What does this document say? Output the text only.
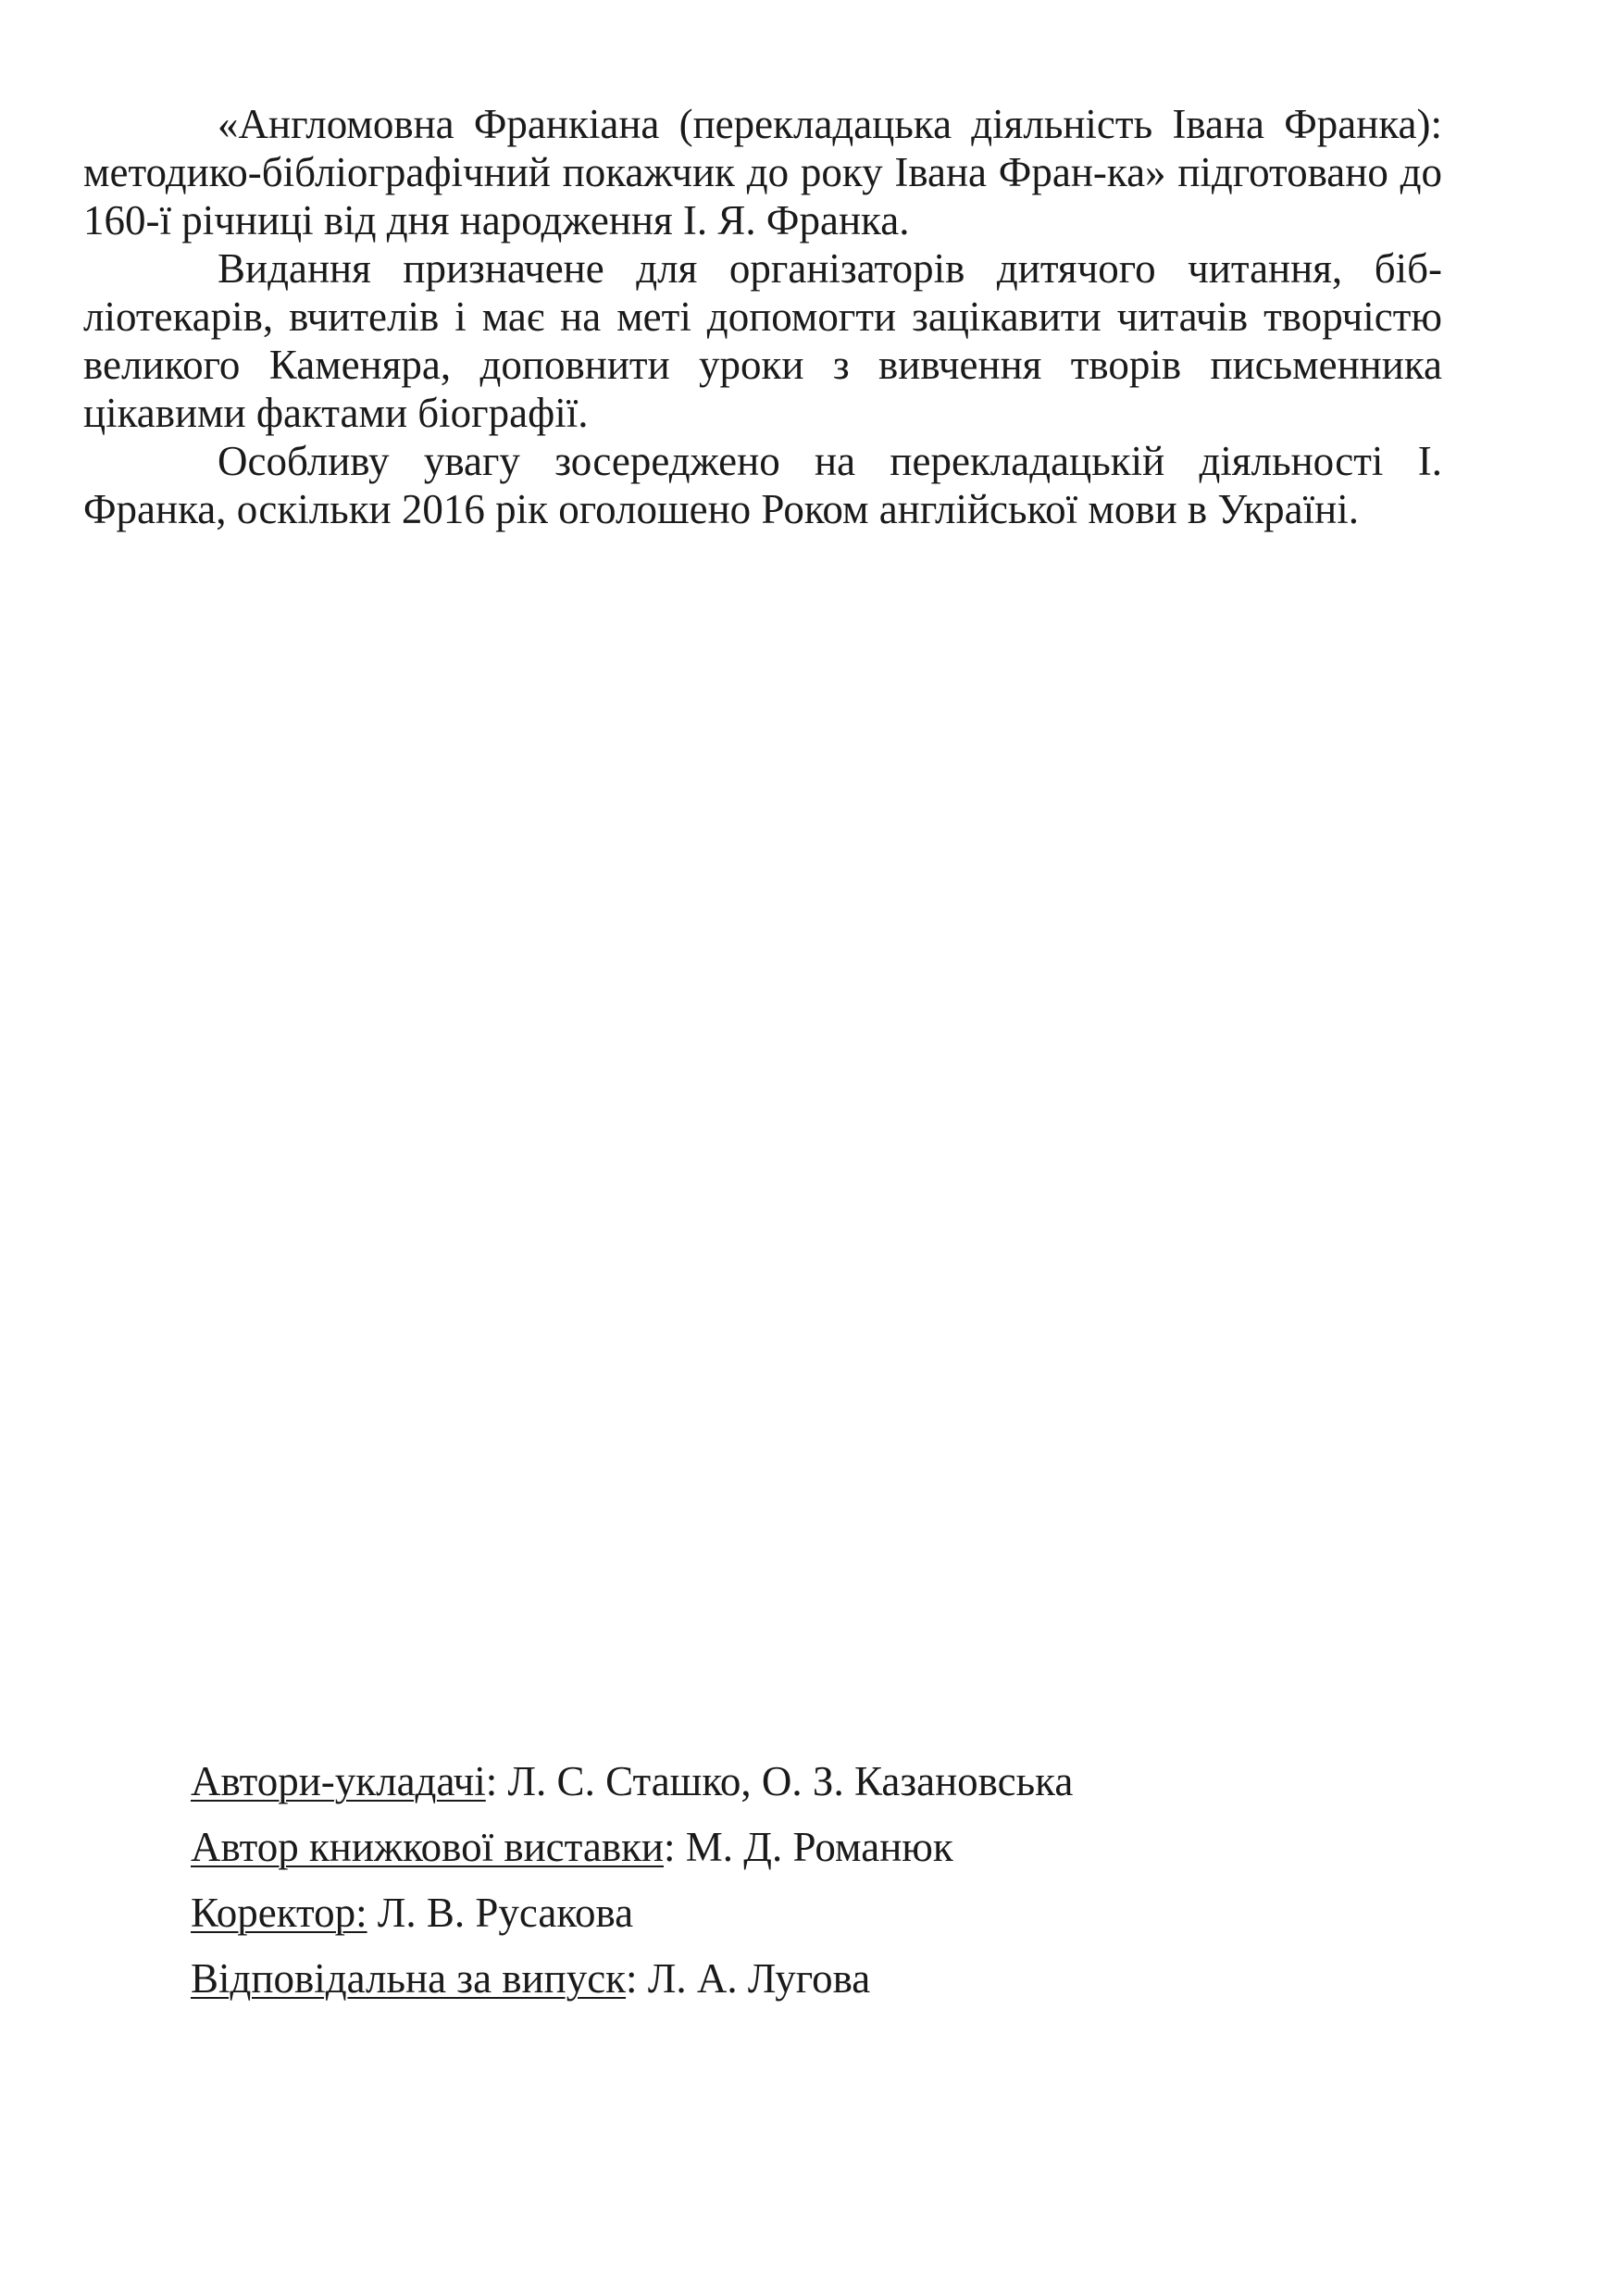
«Англомовна Франкіана (перекладацька діяльність Івана Франка): методико-бібліографічний покажчик до року Івана Фран-ка» підготовано до 160-ї річниці від дня народження І. Я. Франка.

Видання призначене для організаторів дитячого читання, біб-ліотекарів, вчителів і має на меті допомогти зацікавити читачів творчістю великого Каменяра, доповнити уроки з вивчення творів письменника цікавими фактами біографії.

Особливу увагу зосереджено на перекладацькій діяльності І. Франка, оскільки 2016 рік оголошено Роком англійської мови в Україні.

Автори-укладачі: Л. С. Сташко, О. З. Казановська
Автор книжкової виставки: М. Д. Романюк
Коректор: Л. В. Русакова
Відповідальна за випуск: Л. А. Лугова
